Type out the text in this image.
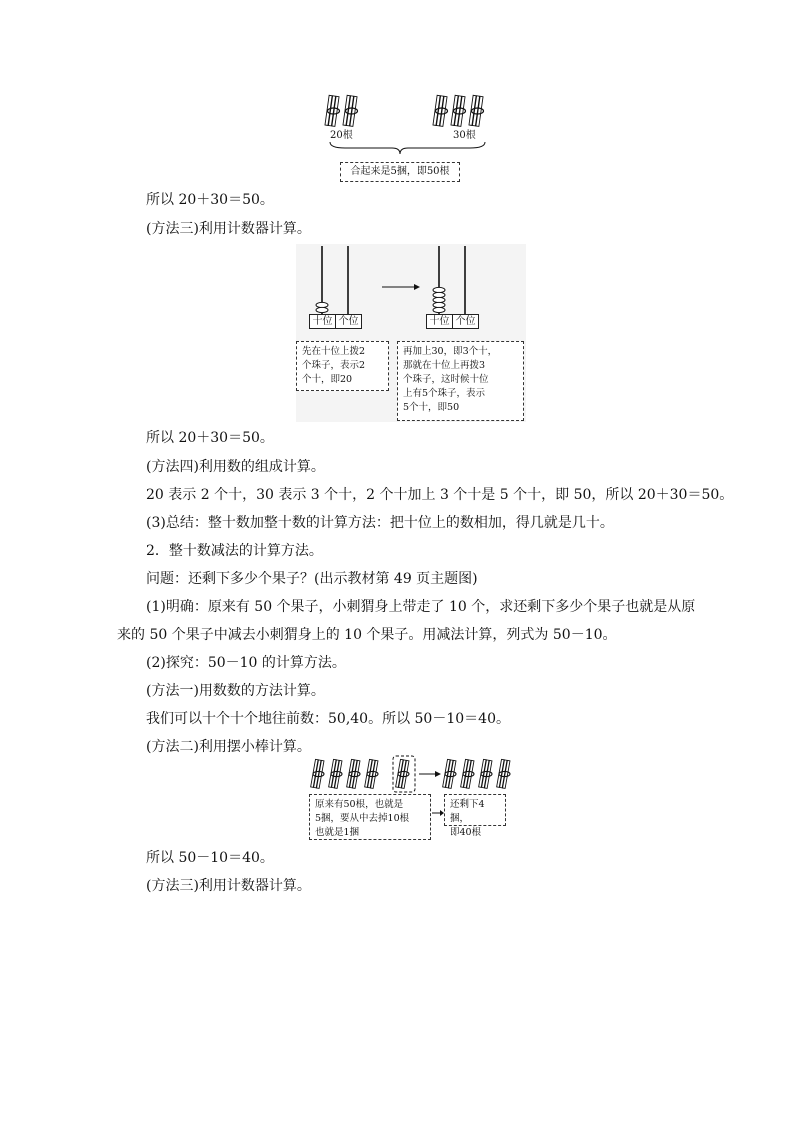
20根	30根
合起来是5捆，即50根

所以 20＋30＝50。

(方法三)利用计数器计算。

十位 个位	十位 个位
先在十位上拨2
个珠子，表示2
个十，即20
再加上30，即3个十，
那就在十位上再拨3
个珠子，这时候十位
上有5个珠子，表示
5个十，即50

所以 20＋30＝50。

(方法四)利用数的组成计算。

20 表示 2 个十，30 表示 3 个十，2 个十加上 3 个十是 5 个十，即 50，所以 20＋30＝50。

(3)总结：整十数加整十数的计算方法：把十位上的数相加，得几就是几十。

2．整十数减法的计算方法。

问题：还剩下多少个果子？(出示教材第 49 页主题图)

(1)明确：原来有 50 个果子，小刺猬身上带走了 10 个，求还剩下多少个果子也就是从原

来的 50 个果子中减去小刺猬身上的 10 个果子。用减法计算，列式为 50－10。

(2)探究：50－10 的计算方法。

(方法一)用数数的方法计算。

我们可以十个十个地往前数：50,40。所以 50－10＝40。

(方法二)利用摆小棒计算。

原来有50根，也就是
5捆，要从中去掉10根
也就是1捆
还剩下4捆，
即40根

所以 50－10＝40。

(方法三)利用计数器计算。
